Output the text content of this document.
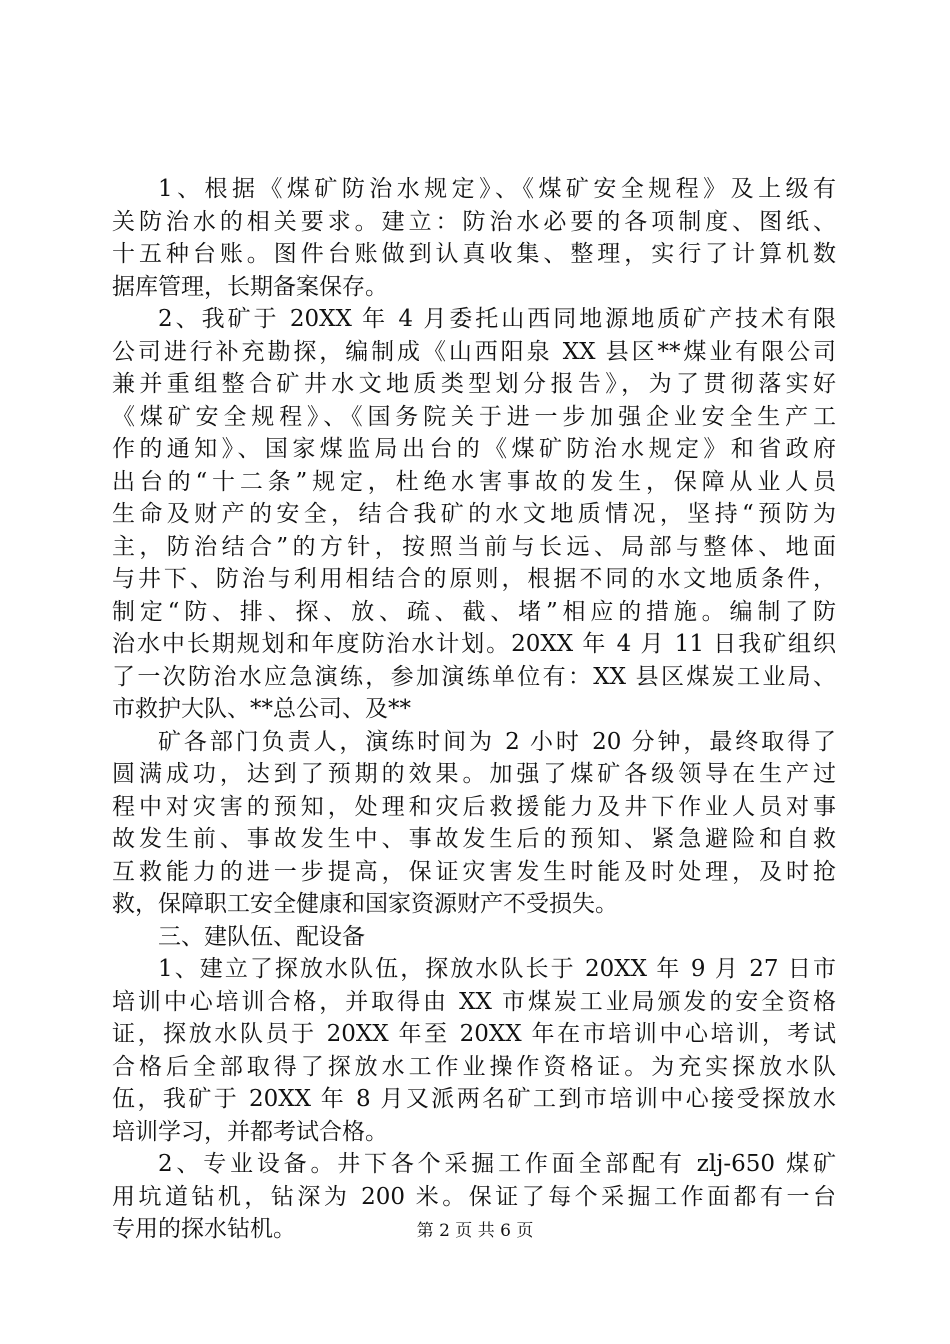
1、根据《煤矿防治水规定》、《煤矿安全规程》及上级有
关防治水的相关要求。建立：防治水必要的各项制度、图纸、
十五种台账。图件台账做到认真收集、整理，实行了计算机数
据库管理，长期备案保存。
2、我矿于 20XX 年 4 月委托山西同地源地质矿产技术有限
公司进行补充勘探，编制成《山西阳泉 XX 县区**煤业有限公司
兼并重组整合矿井水文地质类型划分报告》，为了贯彻落实好
《煤矿安全规程》、《国务院关于进一步加强企业安全生产工
作的通知》、国家煤监局出台的《煤矿防治水规定》和省政府
出台的“十二条”规定，杜绝水害事故的发生，保障从业人员
生命及财产的安全，结合我矿的水文地质情况，坚持“预防为
主，防治结合”的方针，按照当前与长远、局部与整体、地面
与井下、防治与利用相结合的原则，根据不同的水文地质条件，
制定“防、排、探、放、疏、截、堵”相应的措施。编制了防
治水中长期规划和年度防治水计划。20XX 年 4 月 11 日我矿组织
了一次防治水应急演练，参加演练单位有：XX 县区煤炭工业局、
市救护大队、**总公司、及**
矿各部门负责人，演练时间为 2 小时 20 分钟，最终取得了
圆满成功，达到了预期的效果。加强了煤矿各级领导在生产过
程中对灾害的预知，处理和灾后救援能力及井下作业人员对事
故发生前、事故发生中、事故发生后的预知、紧急避险和自救
互救能力的进一步提高，保证灾害发生时能及时处理，及时抢
救，保障职工安全健康和国家资源财产不受损失。
三、建队伍、配设备
1、建立了探放水队伍，探放水队长于 20XX 年 9 月 27 日市
培训中心培训合格，并取得由 XX 市煤炭工业局颁发的安全资格
证，探放水队员于 20XX 年至 20XX 年在市培训中心培训，考试
合格后全部取得了探放水工作业操作资格证。为充实探放水队
伍，我矿于 20XX 年 8 月又派两名矿工到市培训中心接受探放水
培训学习，并都考试合格。
2、专业设备。井下各个采掘工作面全部配有 zlj-650 煤矿
用坑道钻机，钻深为 200 米。保证了每个采掘工作面都有一台
专用的探水钻机。	第 2 页 共 6 页
